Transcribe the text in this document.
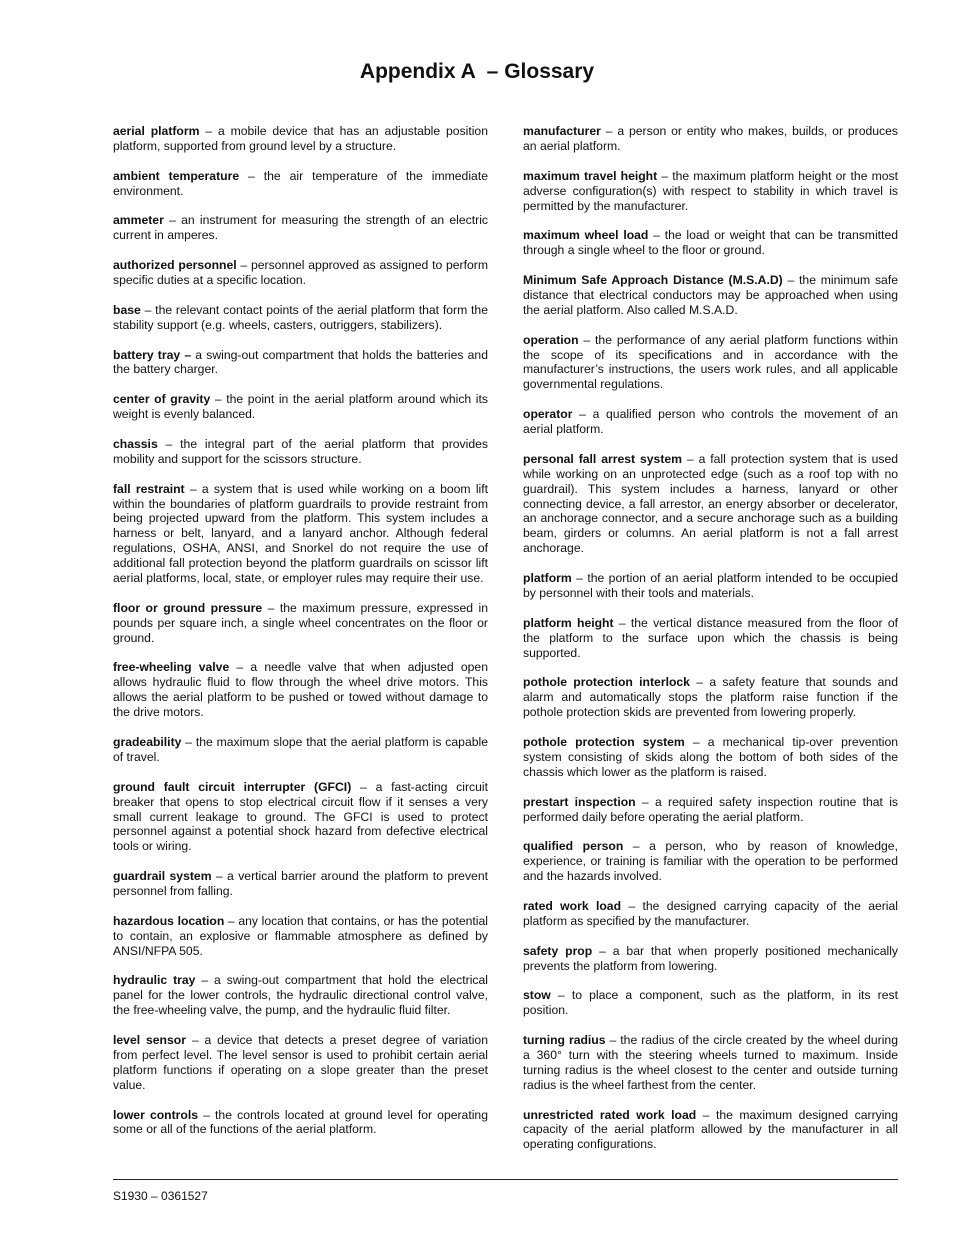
Appendix A  – Glossary

aerial platform – a mobile device that has an adjustable position platform, supported from ground level by a structure.

ambient temperature – the air temperature of the immediate environment.

ammeter – an instrument for measuring the strength of an electric current in amperes.

authorized personnel – personnel approved as assigned to perform specific duties at a specific location.

base – the relevant contact points of the aerial platform that form the stability support (e.g. wheels, casters, outriggers, stabilizers).

battery tray – a swing-out compartment that holds the batteries and the battery charger.

center of gravity – the point in the aerial platform around which its weight is evenly balanced.

chassis – the integral part of the aerial platform that provides mobility and support for the scissors structure.

fall restraint – a system that is used while working on a boom lift within the boundaries of platform guardrails to provide restraint from being projected upward from the platform. This system includes a harness or belt, lanyard, and a lanyard anchor. Although federal regulations, OSHA, ANSI, and Snorkel do not require the use of additional fall protection beyond the platform guardrails on scissor lift aerial platforms, local, state, or employer rules may require their use.

floor or ground pressure – the maximum pressure, expressed in pounds per square inch, a single wheel concentrates on the floor or ground.

free-wheeling valve – a needle valve that when adjusted open allows hydraulic fluid to flow through the wheel drive motors. This allows the aerial platform to be pushed or towed without damage to the drive motors.

gradeability – the maximum slope that the aerial platform is capable of travel.

ground fault circuit interrupter (GFCI) – a fast-acting circuit breaker that opens to stop electrical circuit flow if it senses a very small current leakage to ground. The GFCI is used to protect personnel against a potential shock hazard from defective electrical tools or wiring.

guardrail system – a vertical barrier around the platform to prevent personnel from falling.

hazardous location – any location that contains, or has the potential to contain, an explosive or flammable atmosphere as defined by ANSI/NFPA 505.

hydraulic tray – a swing-out compartment that hold the electrical panel for the lower controls, the hydraulic directional control valve, the free-wheeling valve, the pump, and the hydraulic fluid filter.

level sensor – a device that detects a preset degree of variation from perfect level. The level sensor is used to prohibit certain aerial platform functions if operating on a slope greater than the preset value.

lower controls – the controls located at ground level for operating some or all of the functions of the aerial platform.

manufacturer – a person or entity who makes, builds, or produces an aerial platform.

maximum travel height – the maximum platform height or the most adverse configuration(s) with respect to stability in which travel is permitted by the manufacturer.

maximum wheel load – the load or weight that can be transmitted through a single wheel to the floor or ground.

Minimum Safe Approach Distance (M.S.A.D) – the minimum safe distance that electrical conductors may be approached when using the aerial platform. Also called M.S.A.D.

operation – the performance of any aerial platform functions within the scope of its specifications and in accordance with the manufacturer’s instructions, the users work rules, and all applicable governmental regulations.

operator – a qualified person who controls the movement of an aerial platform.

personal fall arrest system – a fall protection system that is used while working on an unprotected edge (such as a roof top with no guardrail). This system includes a harness, lanyard or other connecting device, a fall arrestor, an energy absorber or decelerator, an anchorage connector, and a secure anchorage such as a building beam, girders or columns. An aerial platform is not a fall arrest anchorage.

platform – the portion of an aerial platform intended to be occupied by personnel with their tools and materials.

platform height – the vertical distance measured from the floor of the platform to the surface upon which the chassis is being supported.

pothole protection interlock – a safety feature that sounds and alarm and automatically stops the platform raise function if the pothole protection skids are prevented from lowering properly.

pothole protection system – a mechanical tip-over prevention system consisting of skids along the bottom of both sides of the chassis which lower as the platform is raised.

prestart inspection – a required safety inspection routine that is performed daily before operating the aerial platform.

qualified person – a person, who by reason of knowledge, experience, or training is familiar with the operation to be performed and the hazards involved.

rated work load – the designed carrying capacity of the aerial platform as specified by the manufacturer.

safety prop – a bar that when properly positioned mechanically prevents the platform from lowering.

stow – to place a component, such as the platform, in its rest position.

turning radius – the radius of the circle created by the wheel during a 360° turn with the steering wheels turned to maximum. Inside turning radius is the wheel closest to the center and outside turning radius is the wheel farthest from the center.

unrestricted rated work load – the maximum designed carrying capacity of the aerial platform allowed by the manufacturer in all operating configurations.

S1930 – 0361527
